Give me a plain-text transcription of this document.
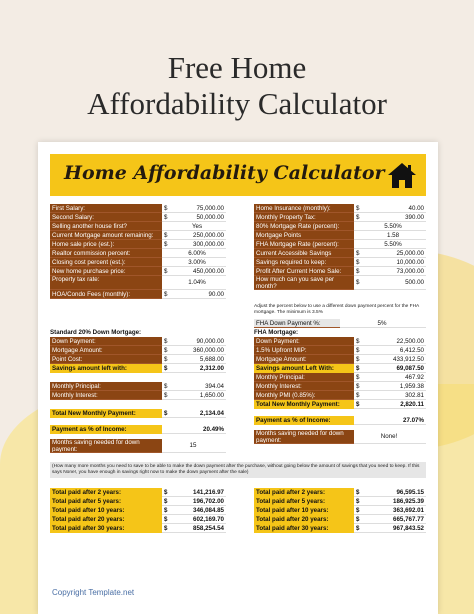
Free Home
Affordability Calculator
Home Affordability Calculator
First Salary:	$	75,000.00
Second Salary:	$	50,000.00
Selling another house first?	Yes
Current Mortgage amount remaining:	$	250,000.00
Home sale price (est.):	$	300,000.00
Realtor commission percent:	6.00%
Closing cost percent (est.):	3.00%
New home purchase price:	$	450,000.00
Property tax rate:	1.04%
HOA/Condo Fees (monthly):	$	90.00
Home Insurance (monthly):	$	40.00
Monthly Property Tax:	$	390.00
80% Mortgage Rate (percent):	5.50%
Mortgage Points	1.58
FHA Mortgage Rate (percent):	5.50%
Current Accessible Savings	$	25,000.00
Savings required to keep:	$	10,000.00
Profit After Current Home Sale:	$	73,000.00
How much can you save per month?
$	500.00
Adjust the percent below to use a different down payment percent for the FHA mortgage. The minimum is 3.5%
FHA Down Payment %:	5%
Standard 20% Down Mortgage:
Down Payment:	$	90,000.00
Mortgage Amount:	$	360,000.00
Point Cost:	$	5,688.00
Savings amount left with:	$	2,312.00
Monthly Principal:	$	394.04
Monthly Interest:	$	1,650.00
Total New Monthly Payment:	$	2,134.04
Payment as % of Income:	20.49%
Months saving needed for down payment:
15
FHA Mortgage:
Down Payment:	$	22,500.00
1.5% Upfront MIP:	$	6,412.50
Mortgage Amount:	$	433,912.50
Savings amount Left With:	$	69,087.50
Monthly Principal:	$	467.92
Monthly Interest:	$	1,959.38
Monthly PMI (0.85%):	$	302.81
Total New Monthly Payment:	$	2,820.11
Payment as % of Income:	27.07%
Months saving needed for down payment:
None!
(How many more months you need to save to be able to make the down payment after the purchase, without going below the amount of savings that you need to keep. If this says None!, you have enough in savings right now to make the down payment after the sale)
Total paid after 2 years:	$	141,216.97
Total paid after 5 years:	$	196,702.00
Total paid after 10 years:	$	346,084.85
Total paid after 20 years:	$	602,169.70
Total paid after 30 years:	$	858,254.54
Total paid after 2 years:	$	96,595.15
Total paid after 5 years:	$	186,925.39
Total paid after 10 years:	$	363,692.01
Total paid after 20 years:	$	665,767.77
Total paid after 30 years:	$	967,843.52
Copyright Template.net
